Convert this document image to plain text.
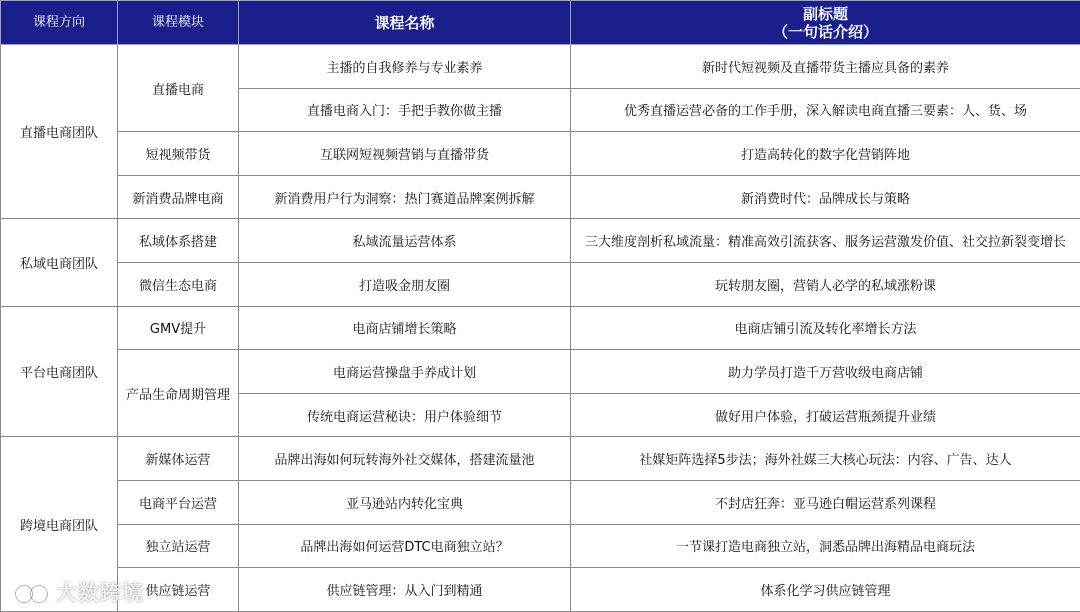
课程方向	课程模块	课程名称	副标题
（一句话介绍）

直播电商团队	直播电商	主播的自我修养与专业素养	新时代短视频及直播带货主播应具备的素养
		直播电商入门：手把手教你做主播	优秀直播运营必备的工作手册，深入解读电商直播三要素：人、货、场
	短视频带货	互联网短视频营销与直播带货	打造高转化的数字化营销阵地
	新消费品牌电商	新消费用户行为洞察：热门赛道品牌案例拆解	新消费时代：品牌成长与策略
私域电商团队	私域体系搭建	私域流量运营体系	三大维度剖析私域流量：精准高效引流获客、服务运营激发价值、社交拉新裂变增长
	微信生态电商	打造吸金朋友圈	玩转朋友圈，营销人必学的私域涨粉课
平台电商团队	GMV提升	电商店铺增长策略	电商店铺引流及转化率增长方法
	产品生命周期管理	电商运营操盘手养成计划	助力学员打造千万营收级电商店铺
		传统电商运营秘诀：用户体验细节	做好用户体验，打破运营瓶颈提升业绩
跨境电商团队	新媒体运营	品牌出海如何玩转海外社交媒体，搭建流量池	社媒矩阵选择5步法；海外社媒三大核心玩法：内容、广告、达人
	电商平台运营	亚马逊站内转化宝典	不封店狂奔：亚马逊白帽运营系列课程
	独立站运营	品牌出海如何运营DTC电商独立站？	一节课打造电商独立站，洞悉品牌出海精品电商玩法
	供应链运营	供应链管理：从入门到精通	体系化学习供应链管理
大数跨境
